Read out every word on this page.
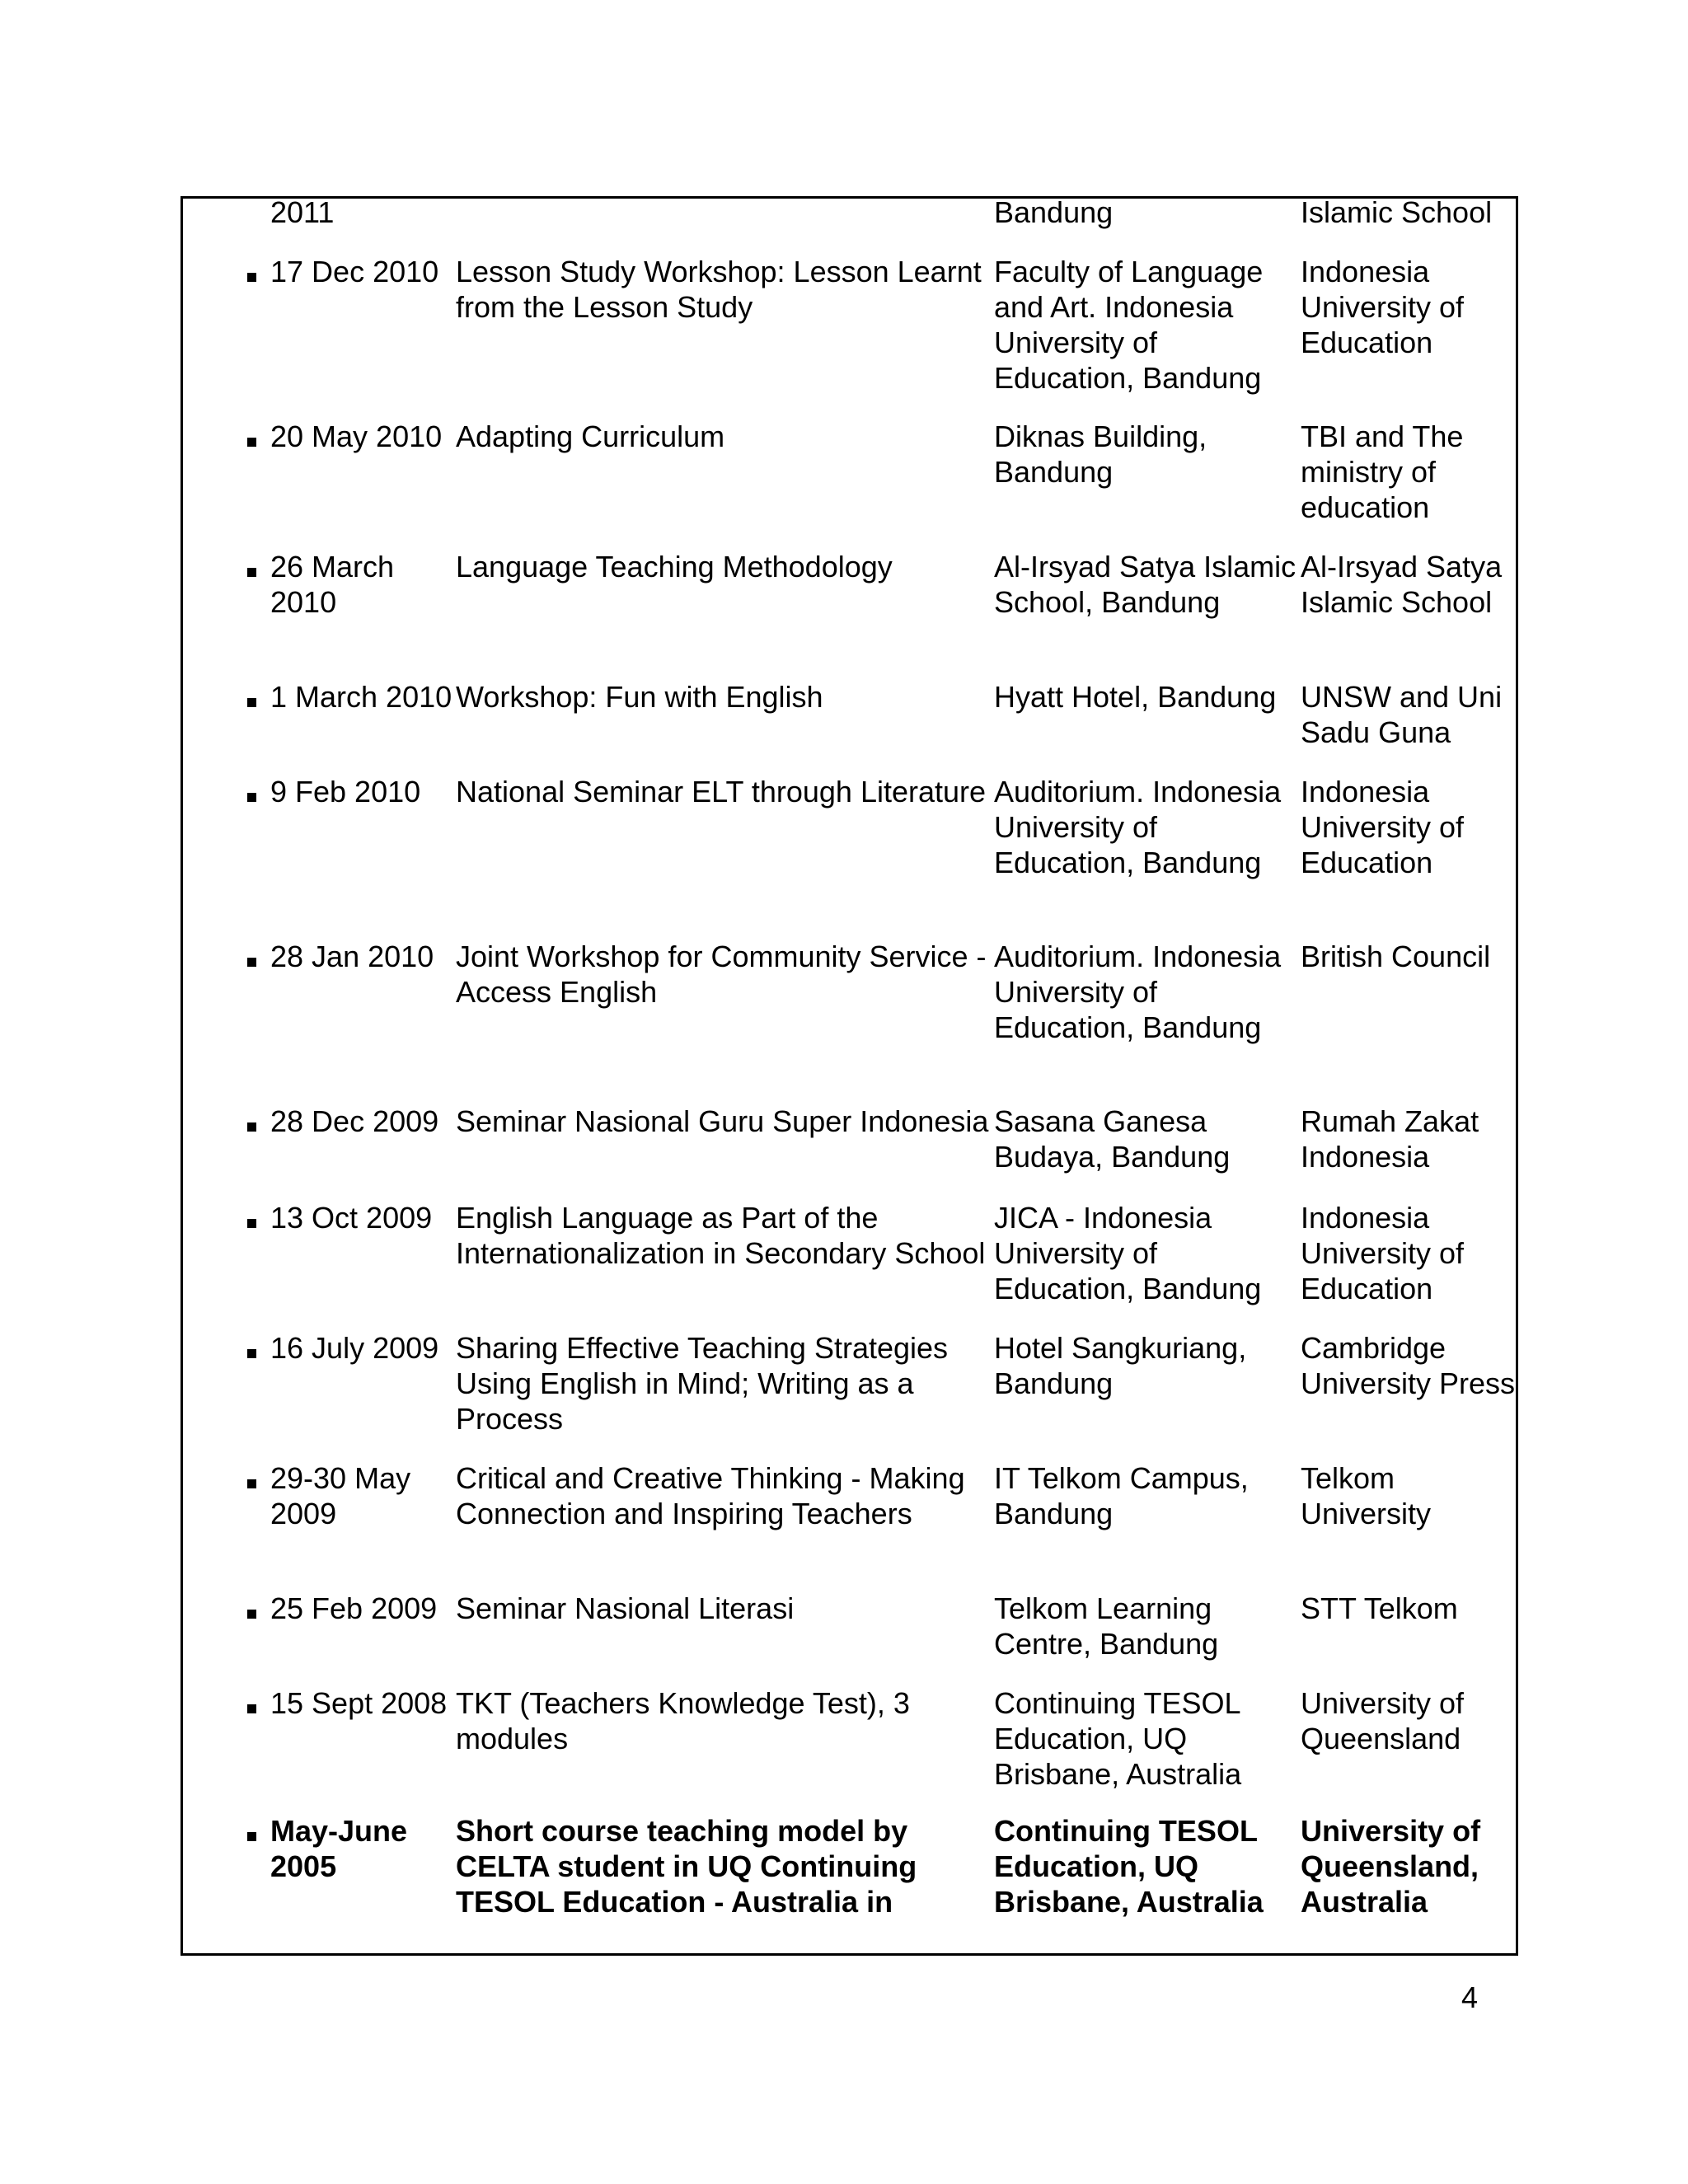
	2011		Bandung	Islamic School
	17 Dec 2010	Lesson Study Workshop: Lesson Learnt from the Lesson Study	Faculty of Language and Art. Indonesia University of Education, Bandung	Indonesia University of Education
	20 May 2010	Adapting Curriculum	Diknas Building, Bandung	TBI and The ministry of education
	26 March 2010	Language Teaching Methodology	Al-Irsyad Satya Islamic School, Bandung	Al-Irsyad Satya Islamic School
	1 March 2010	Workshop: Fun with English	Hyatt Hotel, Bandung	UNSW and Uni Sadu Guna
	9 Feb 2010	National Seminar ELT through Literature	Auditorium. Indonesia University of Education, Bandung	Indonesia University of Education
	28 Jan 2010	Joint Workshop for Community Service - Access English	Auditorium. Indonesia University of Education, Bandung	British Council
	28 Dec 2009	Seminar Nasional Guru Super Indonesia	Sasana Ganesa Budaya, Bandung	Rumah Zakat Indonesia
	13 Oct 2009	English Language as Part of the Internationalization in Secondary School	JICA - Indonesia University of Education, Bandung	Indonesia University of Education
	16 July 2009	Sharing Effective Teaching Strategies Using English in Mind; Writing as a Process	Hotel Sangkuriang, Bandung	Cambridge University Press
	29-30 May 2009	Critical and Creative Thinking - Making Connection and Inspiring Teachers	IT Telkom Campus, Bandung	Telkom University
	25 Feb 2009	Seminar Nasional Literasi	Telkom Learning Centre, Bandung	STT Telkom
	15 Sept 2008	TKT (Teachers Knowledge Test), 3 modules	Continuing TESOL Education, UQ Brisbane, Australia	University of Queensland
	May-June 2005	Short course teaching model by CELTA student in UQ Continuing TESOL Education - Australia in	Continuing TESOL Education, UQ Brisbane, Australia	University of Queensland, Australia
4
